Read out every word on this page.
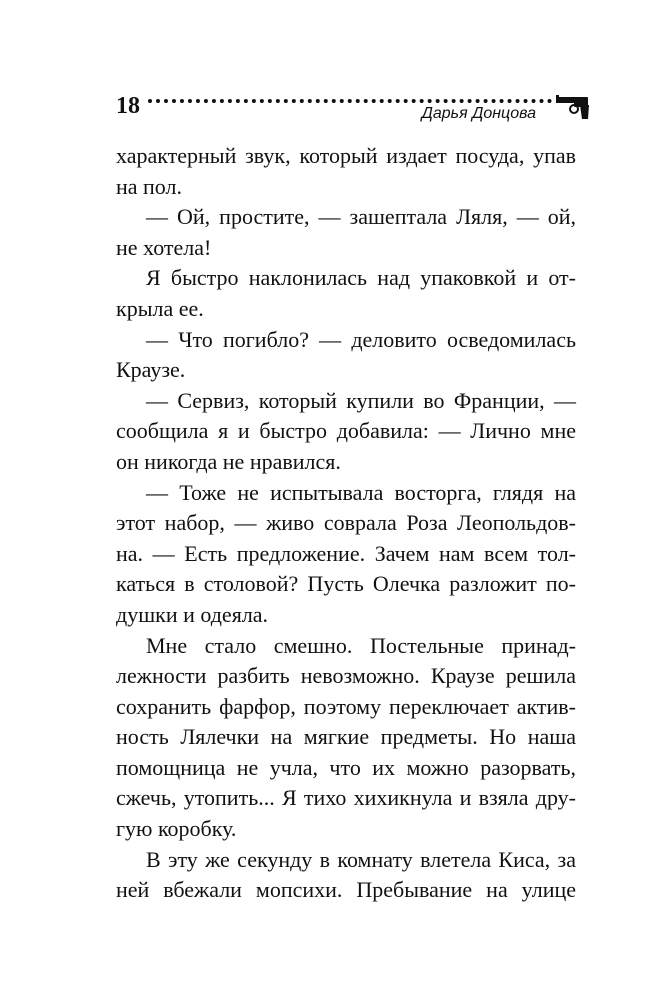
18	Дарья Донцова
характерный звук, который издает посуда, упав
на пол.
— Ой, простите, — зашептала Ляля, — ой,
не хотела!
Я быстро наклонилась над упаковкой и от-
крыла ее.
— Что погибло? — деловито осведомилась
Краузе.
— Сервиз, который купили во Франции, —
сообщила я и быстро добавила: — Лично мне
он никогда не нравился.
— Тоже не испытывала восторга, глядя на
этот набор, — живо соврала Роза Леопольдов-
на. — Есть предложение. Зачем нам всем тол-
каться в столовой? Пусть Олечка разложит по-
душки и одеяла.
Мне стало смешно. Постельные принад-
лежности разбить невозможно. Краузе решила
сохранить фарфор, поэтому переключает актив-
ность Лялечки на мягкие предметы. Но наша
помощница не учла, что их можно разорвать,
сжечь, утопить... Я тихо хихикнула и взяла дру-
гую коробку.
В эту же секунду в комнату влетела Киса, за
ней вбежали мопсихи. Пребывание на улице
